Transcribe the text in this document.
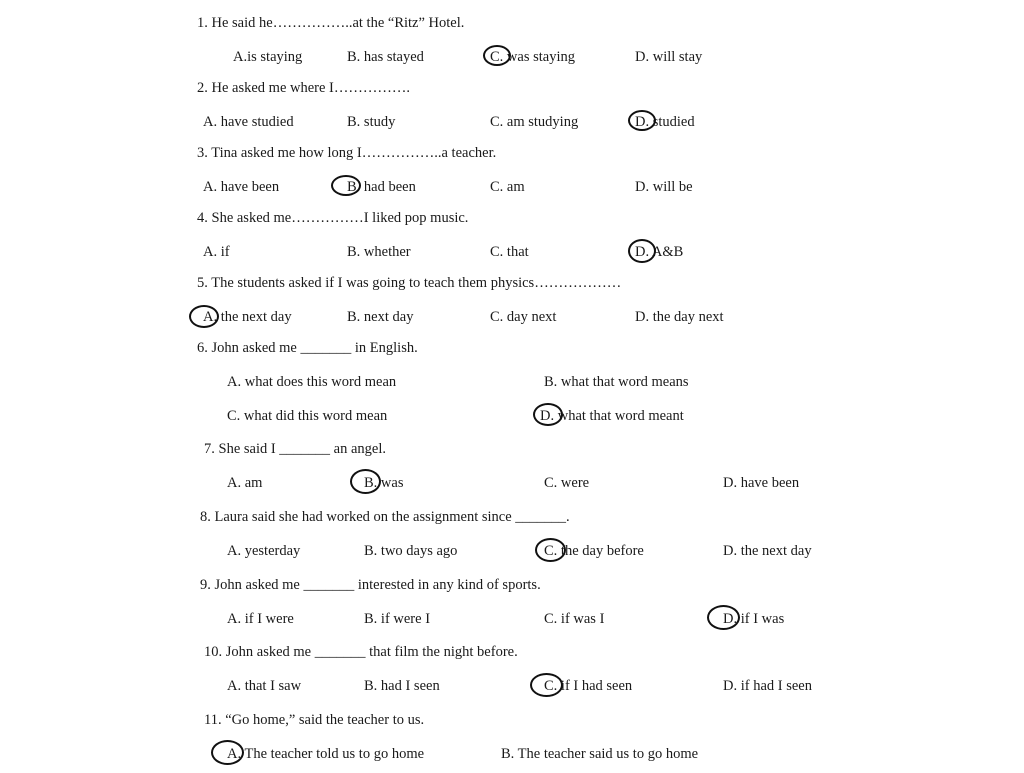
1. He said he……………..at the “Ritz” Hotel.
A.is staying	B. has stayed	C. was staying	D. will stay
2. He asked me where I…………….
A. have studied	B. study	C. am studying	D. studied
3. Tina asked me how long I……………..a teacher.
A. have been	B. had been	C. am	D. will be
4. She asked me……………I liked pop music.
A. if	B. whether	C. that	D. A&B
5. The students asked if I was going to teach them physics………………
A. the next day	B. next day	C. day next	D. the day next
6. John asked me _______ in English.
A. what does this word mean	B. what that word means
C. what did this word mean	D. what that word meant
7. She said I _______ an angel.
A. am	B. was	C. were	D. have been
8. Laura said she had worked on the assignment since _______.
A. yesterday	B. two days ago	C. the day before	D. the next day
9. John asked me _______ interested in any kind of sports.
A. if I were	B. if were I	C. if was I	D. if I was
10. John asked me _______ that film the night before.
A. that I saw	B. had I seen	C. if I had seen	D. if had I seen
11. “Go home,” said the teacher to us.
A. The teacher told us to go home	B. The teacher said us to go home
